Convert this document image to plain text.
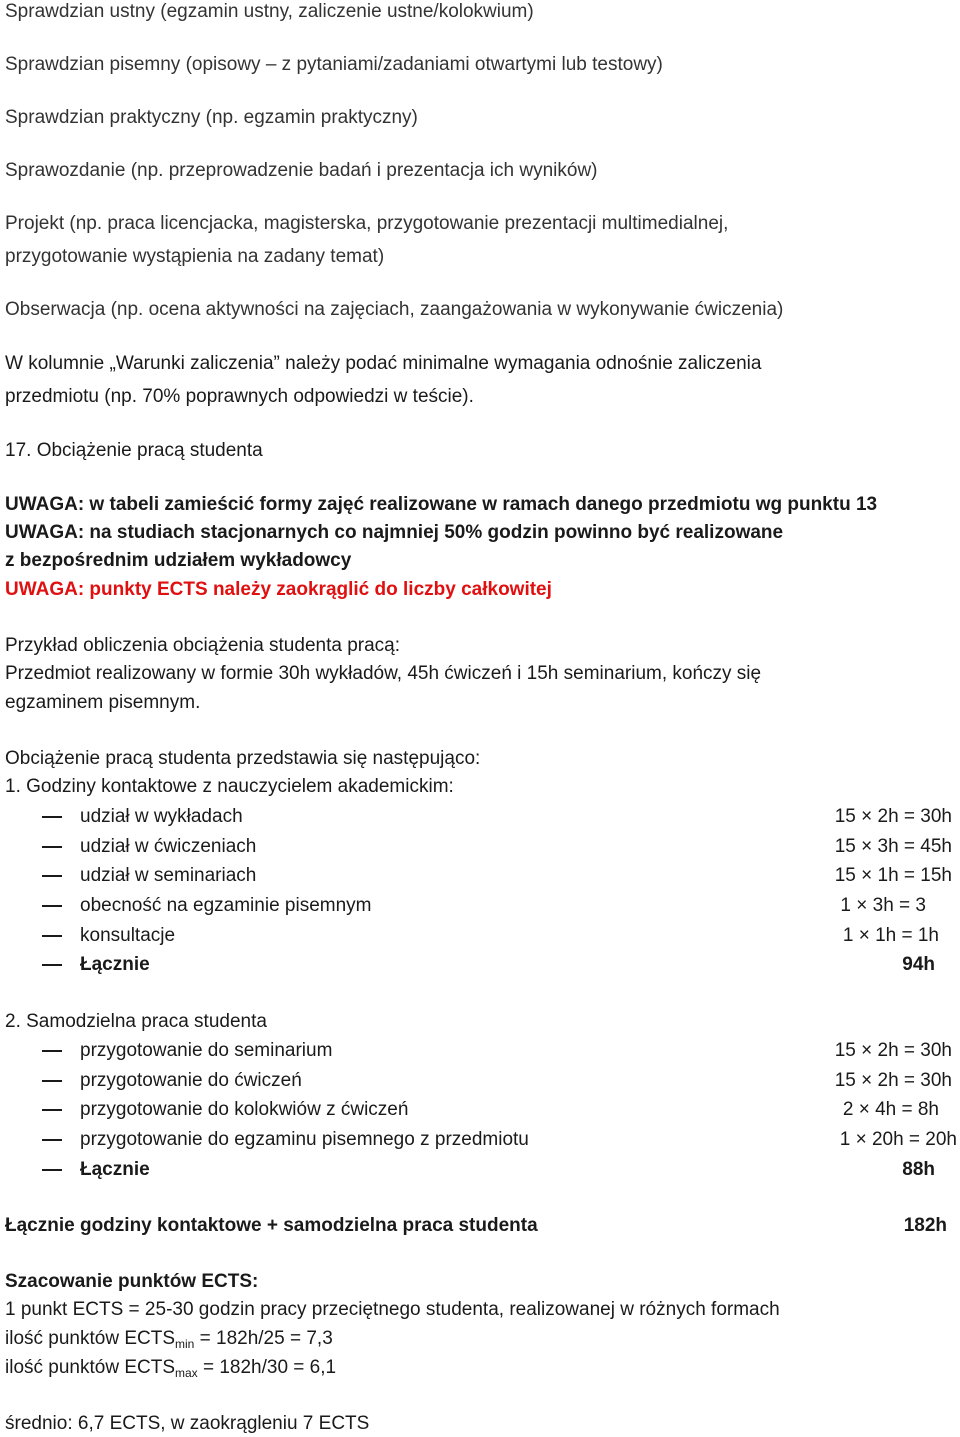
Sprawdzian ustny (egzamin ustny, zaliczenie ustne/kolokwium)
Sprawdzian pisemny (opisowy – z pytaniami/zadaniami otwartymi lub testowy)
Sprawdzian praktyczny (np. egzamin praktyczny)
Sprawozdanie (np. przeprowadzenie badań i prezentacja ich wyników)
Projekt (np. praca licencjacka, magisterska, przygotowanie prezentacji multimedialnej,
przygotowanie wystąpienia na zadany temat)
Obserwacja (np. ocena aktywności na zajęciach, zaangażowania w wykonywanie ćwiczenia)
W kolumnie „Warunki zaliczenia” należy podać minimalne wymagania odnośnie zaliczenia
przedmiotu (np. 70% poprawnych odpowiedzi w teście).
17. Obciążenie pracą studenta
UWAGA: w tabeli zamieścić formy zajęć realizowane w ramach danego przedmiotu wg punktu 13
UWAGA: na studiach stacjonarnych co najmniej 50% godzin powinno być realizowane
z bezpośrednim udziałem wykładowcy
UWAGA: punkty ECTS należy zaokrąglić do liczby całkowitej
Przykład obliczenia obciążenia studenta pracą:
Przedmiot realizowany w formie 30h wykładów, 45h ćwiczeń i 15h seminarium, kończy się
egzaminem pisemnym.
Obciążenie pracą studenta przedstawia się następująco:
1. Godziny kontaktowe z nauczycielem akademickim:
udział w wykładach	15 × 2h = 30h
udział w ćwiczeniach	15 × 3h = 45h
udział w seminariach	15 × 1h = 15h
obecność na egzaminie pisemnym	1 × 3h = 3
konsultacje	1 × 1h = 1h
Łącznie	94h
2. Samodzielna praca studenta
przygotowanie do seminarium	15 × 2h = 30h
przygotowanie do ćwiczeń	15 × 2h = 30h
przygotowanie do kolokwiów z ćwiczeń	2 × 4h = 8h
przygotowanie do egzaminu pisemnego z przedmiotu	1 × 20h = 20h
Łącznie	88h
Łącznie godziny kontaktowe + samodzielna praca studenta	182h
Szacowanie punktów ECTS:
1 punkt ECTS = 25-30 godzin pracy przeciętnego studenta, realizowanej w różnych formach
ilość punktów $ECTS_{min} = 182h/25 = 7,3$
ilość punktów $ECTS_{max} = 182h/30 = 6,1$
średnio: 6,7 ECTS, w zaokrągleniu 7 ECTS
